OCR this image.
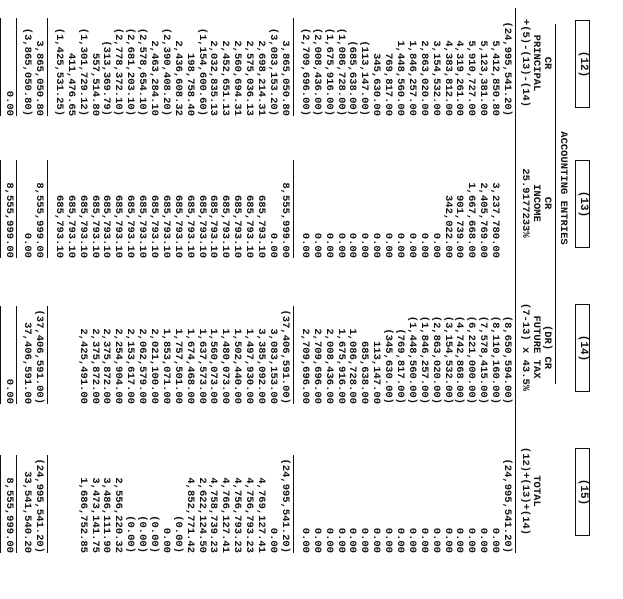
(12)
(13)
(14)
(15)
ACCOUNTING ENTRIES
CR
PRINCIPAL
+(5)-(13)-(14)
CR
INCOME
25.9177233%
(DR) CR
FUTURE TAX
(7-13) x 43.5%
TOTAL
(12)+(13)+(14)
(24,995,541.20)
5,412,850.80
5,123,381.00
5,910,727.00
4,319,261.00
4,383,812.00
3,154,532.00
2,863,020.00
1,846,257.00
1,448,560.00
769,817.00
345,630.00
(113,147.00)
(685,638.00)
(1,086,728.00)
(1,675,916.00)
(2,008,436.00)
(2,709,696.00)
3,237,780.00
2,405,769.00
1,667,668.00
901,739.00
342,022.00
0.00
0.00
0.00
0.00
0.00
0.00
0.00
0.00
0.00
0.00
0.00
0.00
(8,650,594.00)
(8,110,160.00)
(7,578,415.00)
(6,221,000.00)
(4,742,868.00)
(3,154,532.00)
(2,863,020.00)
(1,846,257.00)
(1,448,560.00)
(769,817.00)
(345,630.00)
113,147.00
685,638.00
1,086,728.00
1,675,916.00
2,008,436.00
2,709,696.00
2,709,696.00
(24,995,541.20)
0.00
0.00
0.00
0.00
0.00
0.00
0.00
0.00
0.00
0.00
0.00
0.00
0.00
0.00
0.00
0.00
0.00
3,865,050.80
(3,083,153.20)
2,698,214.31
2,575,036.13
2,560,694.31
2,452,651.13
2,032,835.13
(1,154,600.60)
198,758.40
2,436,608.32
(2,390,408.20)
2,463,284.10
(2,578,654.10)
(2,681,203.10)
(2,778,372.10)
(313,369.79)
557,514.80
(1,301,729.12)
411,476.65
(1,425,531.25)
8,555,999.00
0.00
685,793.10
685,793.10
685,793.10
685,793.10
685,793.10
685,793.10
685,793.10
685,793.10
685,793.10
685,793.10
685,793.10
685,793.10
685,793.10
685,793.10
685,793.10
685,793.10
685,793.10
685,793.10
(37,406,591.00)
3,083,153.00
3,385,092.00
1,497,930.00
1,502,440.00
1,480,073.00
1,560,073.00
1,637,573.00
1,674,468.00
1,757,501.00
1,853,071.00
2,021,100.00
2,062,579.00
2,153,617.00
2,254,904.00
2,375,872.00
2,375,872.00
2,425,491.00
(24,995,541.20)
0.00
4,769,127.41
4,756,793.23
4,756,793.23
4,766,127.41
4,758,739.23
2,622,124.50
4,852,771.42
(0.00)
0.00
(0.00)
(0.00)
(0.00)
2,556,220.32
3,486,111.90
3,473,141.75
1,686,752.85
3,865,050.80
(3,865,050.80)
8,555,999.00
0.00
(37,406,591.00)
37,406,591.00
(24,995,541.20)
33,541,540.20
0.00
8,555,999.00
0.00
8,555,999.00
